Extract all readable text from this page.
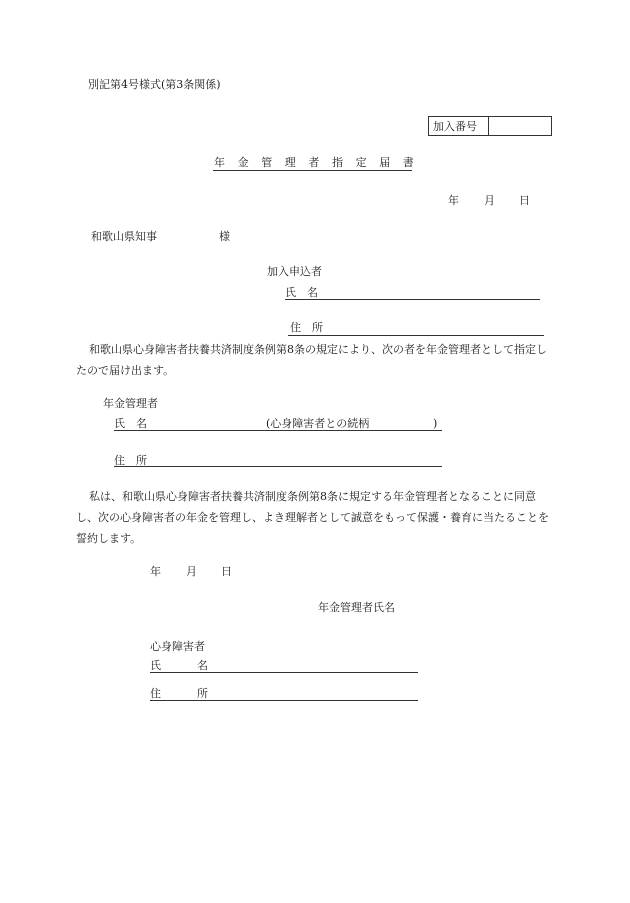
別記第4号様式(第3条関係)
加入番号
年金管理者指定届書
年 月 日
和歌山県知事	様
加入申込者
氏　名
住　所
和歌山県心身障害者扶養共済制度条例第8条の規定により、次の者を年金管理者として指定したので届け出ます。
年金管理者
氏　名	(心身障害者との続柄	)
住　所
私は、和歌山県心身障害者扶養共済制度条例第8条に規定する年金管理者となることに同意し、次の心身障害者の年金を管理し、よき理解者として誠意をもって保護・養育に当たることを誓約します。
年 月 日
年金管理者氏名
心身障害者
氏	名
住	所
